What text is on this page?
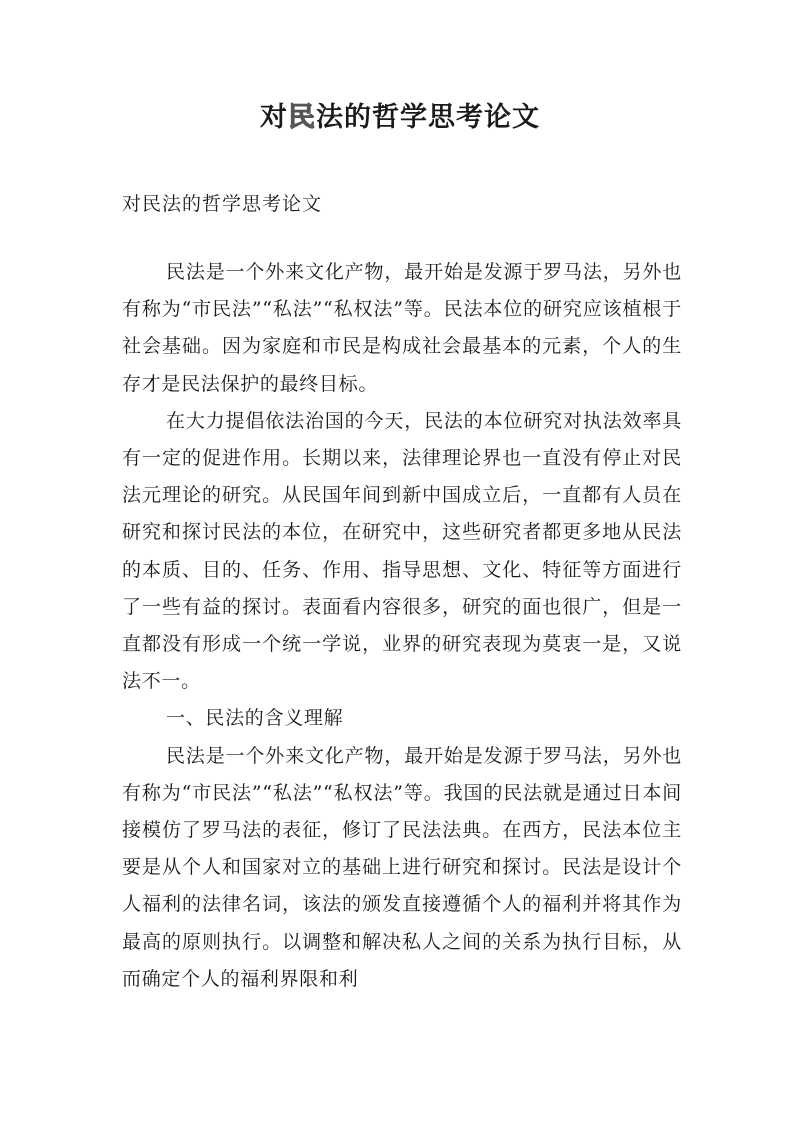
对民法的哲学思考论文

对民法的哲学思考论文

民法是一个外来文化产物，最开始是发源于罗马法，另外也有称为“市民法”“私法”“私权法”等。民法本位的研究应该植根于社会基础。因为家庭和市民是构成社会最基本的元素，个人的生存才是民法保护的最终目标。

在大力提倡依法治国的今天，民法的本位研究对执法效率具有一定的促进作用。长期以来，法律理论界也一直没有停止对民法元理论的研究。从民国年间到新中国成立后，一直都有人员在研究和探讨民法的本位，在研究中，这些研究者都更多地从民法的本质、目的、任务、作用、指导思想、文化、特征等方面进行了一些有益的探讨。表面看内容很多，研究的面也很广，但是一直都没有形成一个统一学说，业界的研究表现为莫衷一是，又说法不一。

一、民法的含义理解

民法是一个外来文化产物，最开始是发源于罗马法，另外也有称为“市民法”“私法”“私权法”等。我国的民法就是通过日本间接模仿了罗马法的表征，修订了民法法典。在西方，民法本位主要是从个人和国家对立的基础上进行研究和探讨。民法是设计个人福利的法律名词，该法的颁发直接遵循个人的福利并将其作为最高的原则执行。以调整和解决私人之间的关系为执行目标，从而确定个人的福利界限和利
